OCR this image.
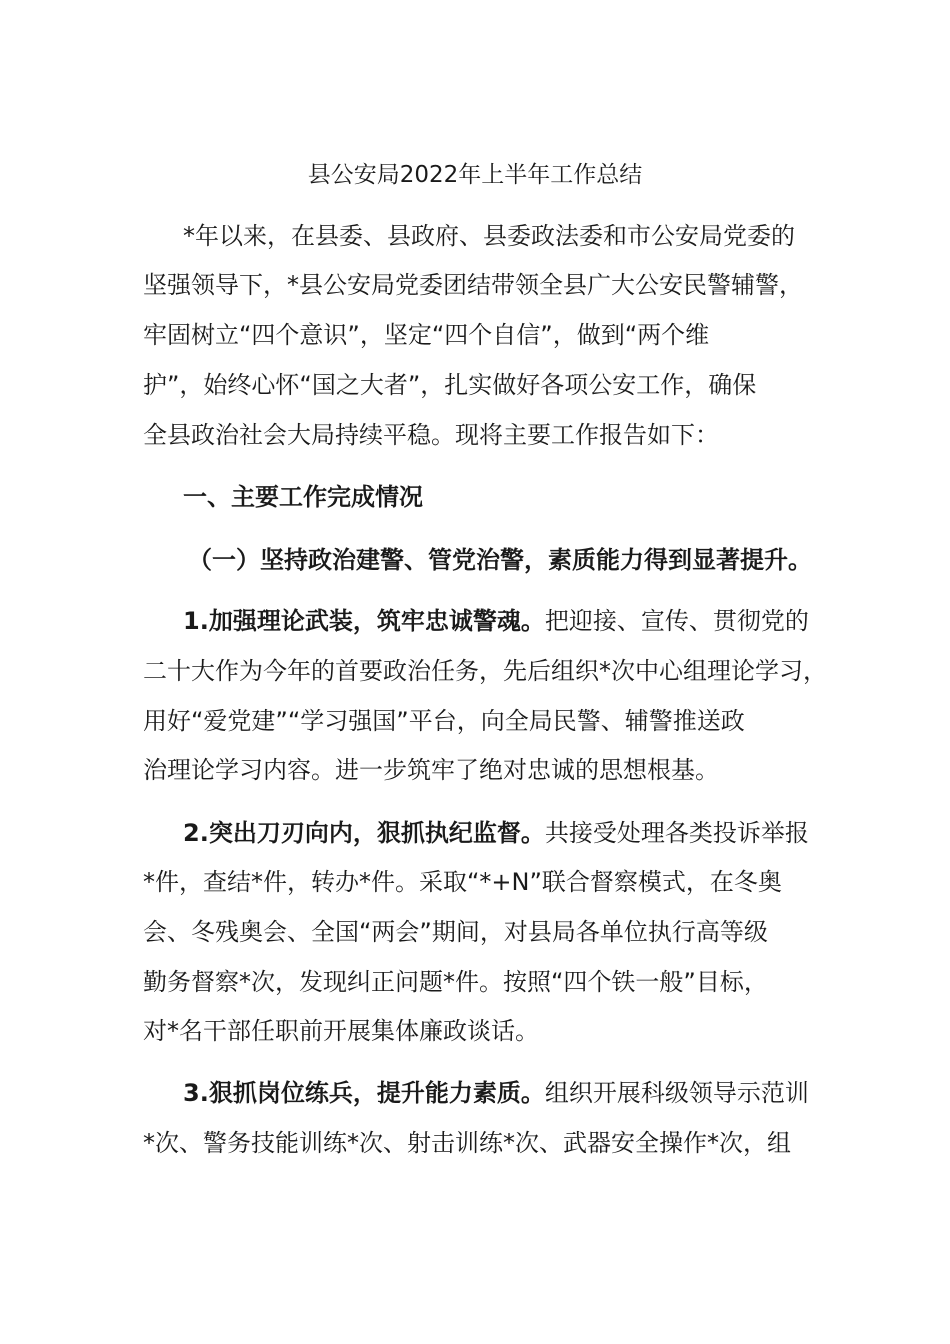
县公安局2022年上半年工作总结
*年以来，在县委、县政府、县委政法委和市公安局党委的
坚强领导下，*县公安局党委团结带领全县广大公安民警辅警，
牢固树立“四个意识”，坚定“四个自信”，做到“两个维
护”，始终心怀“国之大者”，扎实做好各项公安工作，确保
全县政治社会大局持续平稳。现将主要工作报告如下：
一、主要工作完成情况
（一）坚持政治建警、管党治警，素质能力得到显著提升。
1.加强理论武装，筑牢忠诚警魂。把迎接、宣传、贯彻党的
二十大作为今年的首要政治任务，先后组织*次中心组理论学习，
用好“爱党建”“学习强国”平台，向全局民警、辅警推送政
治理论学习内容。进一步筑牢了绝对忠诚的思想根基。
2.突出刀刃向内，狠抓执纪监督。共接受处理各类投诉举报
*件，查结*件，转办*件。采取“*+N”联合督察模式，在冬奥
会、冬残奥会、全国“两会”期间，对县局各单位执行高等级
勤务督察*次，发现纠正问题*件。按照“四个铁一般”目标，
对*名干部任职前开展集体廉政谈话。
3.狠抓岗位练兵，提升能力素质。组织开展科级领导示范训
*次、警务技能训练*次、射击训练*次、武器安全操作*次，组
